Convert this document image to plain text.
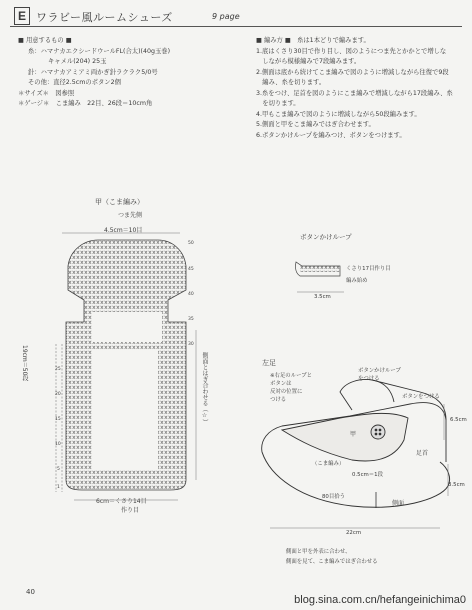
E ワラビー風ルームシューズ	9 page
■ 用意するもの ■
糸：ハマナカエクシードウールFL(合太)(40g玉巻)
キャメル(204) 25玉
針：ハマナカアミアミ両かぎ針ラクラク5/0号
その他：直径2.5cmのボタン2個
＊サイズ＊　図参照
＊ゲージ＊　こま編み　22目、26段＝10cm角
■ 編み方 ■　糸は1本どりで編みます。
1.底はくさり30目で作り目し、図のようにつま先とかかとで増しな
　しながら模様編みで7段編みます。
2.側面は底から続けてこま編みで図のように増減しながら往復で9段
　編み、糸を切ります。
3.糸をつけ、足首を図のようにこま編みで増減しながら17段編み、糸
　を切ります。
4.甲もこま編みで図のように増減しながら50段編みます。
5.側面と甲をこま編みではぎ合わせます。
6.ボタンかけループを編みつけ、ボタンをつけます。
甲（こま編み）
つま先側
4.5cm＝10目
19cm＝50段	側面とはぎ合わせる（☆）
6cm＝くさり14目
作り目
50
45
40
35
30
25
20
15
10
5
1
ボタンかけループ
くさり17目作り目
編み始め
3.5cm
左足
※右足のループと
ボタンは
反対の位置に
つける
ボタンかけループ
をつける
ボタンをつける
甲
足首
6.5cm
（こま編み）
0.5cm＝1段
80目拾う
側面
3.5cm
22cm
側面と甲を外表に合わせ、
側面を見て、こま編みではぎ合わせる
40
blog.sina.com.cn/hefangeinichima0
